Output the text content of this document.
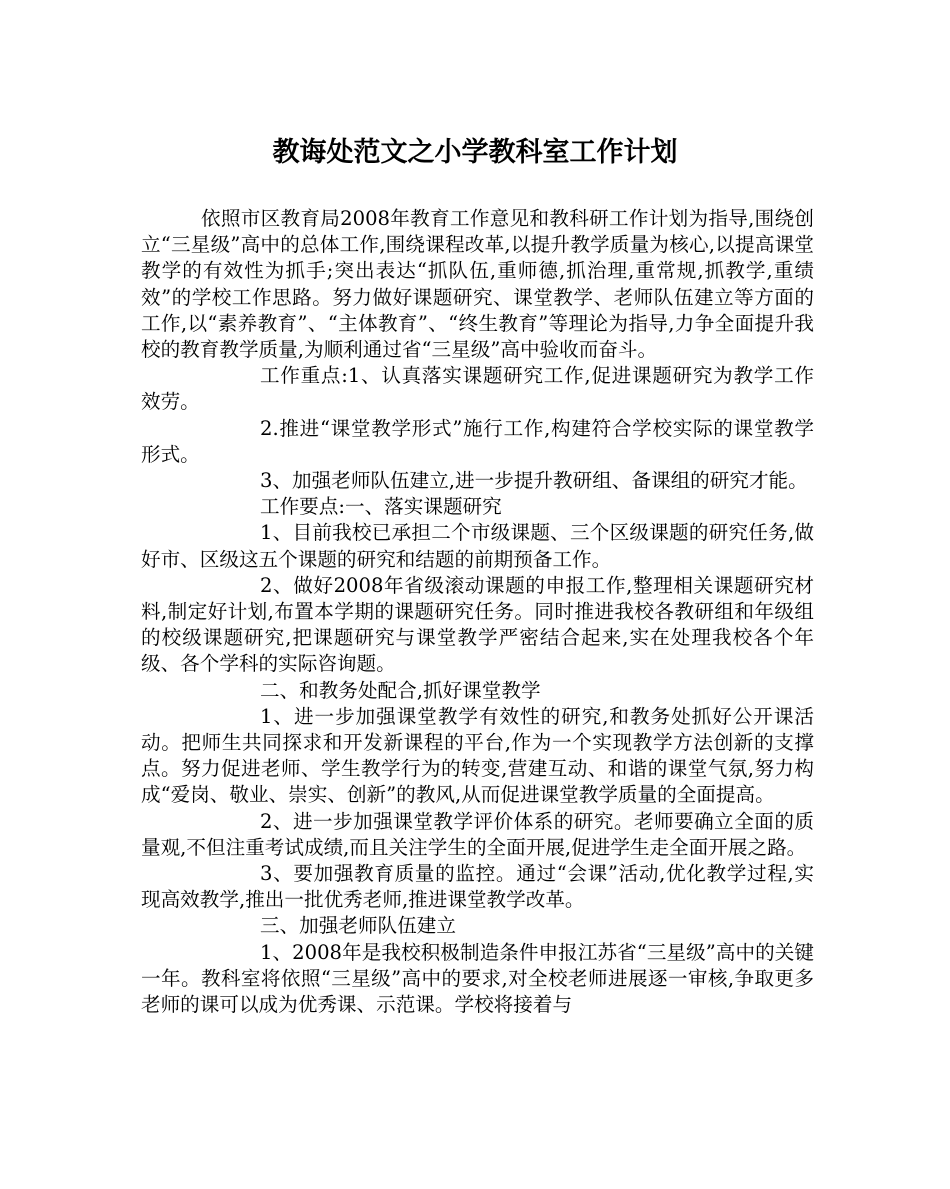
教诲处范文之小学教科室工作计划

依照市区教育局2008年教育工作意见和教科研工作计划为指导,围绕创立“三星级”高中的总体工作,围绕课程改革,以提升教学质量为核心,以提高课堂教学的有效性为抓手;突出表达“抓队伍,重师德,抓治理,重常规,抓教学,重绩效”的学校工作思路。努力做好课题研究、课堂教学、老师队伍建立等方面的工作,以“素养教育”、“主体教育”、“终生教育”等理论为指导,力争全面提升我校的教育教学质量,为顺利通过省“三星级”高中验收而奋斗。

工作重点:1、认真落实课题研究工作,促进课题研究为教学工作效劳。

2.推进“课堂教学形式”施行工作,构建符合学校实际的课堂教学形式。

3、加强老师队伍建立,进一步提升教研组、备课组的研究才能。

工作要点:一、落实课题研究

1、目前我校已承担二个市级课题、三个区级课题的研究任务,做好市、区级这五个课题的研究和结题的前期预备工作。

2、做好2008年省级滚动课题的申报工作,整理相关课题研究材料,制定好计划,布置本学期的课题研究任务。同时推进我校各教研组和年级组的校级课题研究,把课题研究与课堂教学严密结合起来,实在处理我校各个年级、各个学科的实际咨询题。

二、和教务处配合,抓好课堂教学

1、进一步加强课堂教学有效性的研究,和教务处抓好公开课活动。把师生共同探求和开发新课程的平台,作为一个实现教学方法创新的支撑点。努力促进老师、学生教学行为的转变,营建互动、和谐的课堂气氛,努力构成“爱岗、敬业、崇实、创新”的教风,从而促进课堂教学质量的全面提高。

2、进一步加强课堂教学评价体系的研究。老师要确立全面的质量观,不但注重考试成绩,而且关注学生的全面开展,促进学生走全面开展之路。

3、要加强教育质量的监控。通过“会课”活动,优化教学过程,实现高效教学,推出一批优秀老师,推进课堂教学改革。

三、加强老师队伍建立

1、2008年是我校积极制造条件申报江苏省“三星级”高中的关键一年。教科室将依照“三星级”高中的要求,对全校老师进展逐一审核,争取更多老师的课可以成为优秀课、示范课。学校将接着与
